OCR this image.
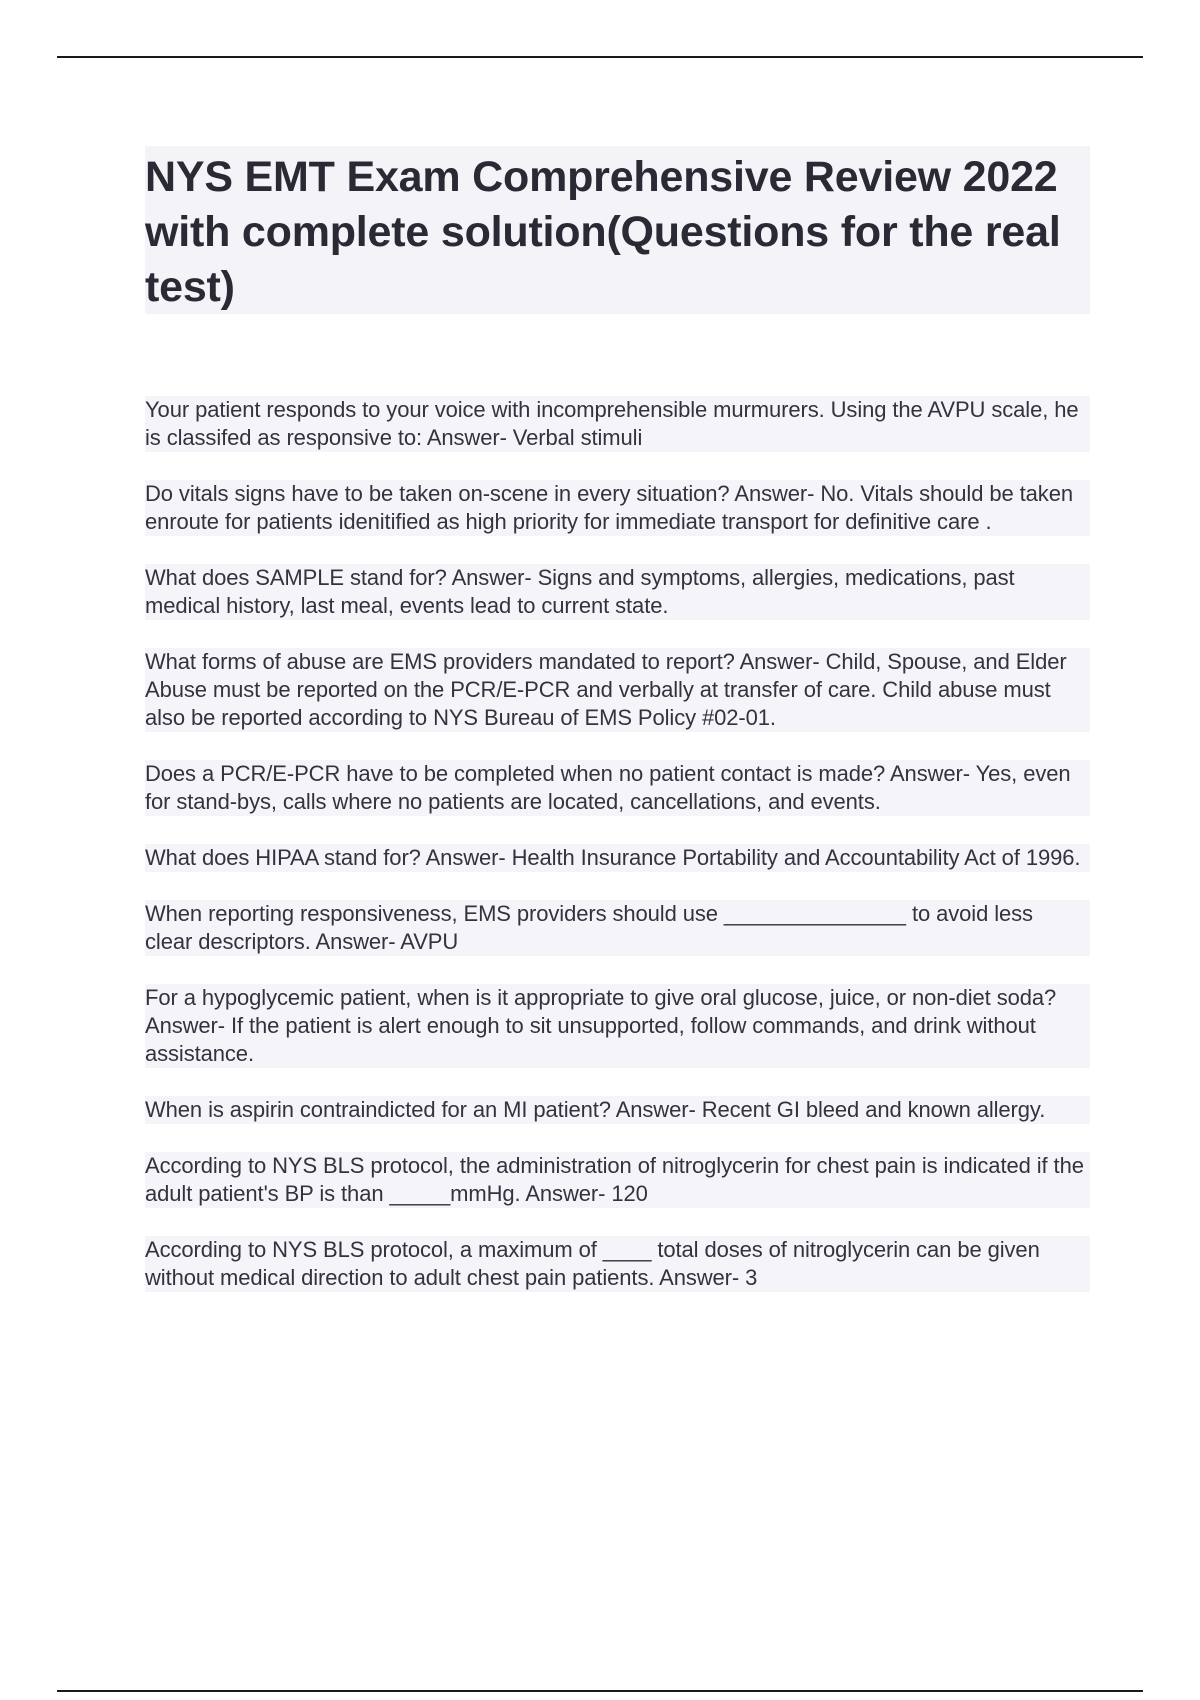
NYS EMT Exam Comprehensive Review 2022 with complete solution(Questions for the real test)

Your patient responds to your voice with incomprehensible murmurers. Using the AVPU scale, he is classifed as responsive to: Answer- Verbal stimuli

Do vitals signs have to be taken on-scene in every situation? Answer- No. Vitals should be taken enroute for patients idenitified as high priority for immediate transport for definitive care .

What does SAMPLE stand for? Answer- Signs and symptoms, allergies, medications, past medical history, last meal, events lead to current state.

What forms of abuse are EMS providers mandated to report? Answer- Child, Spouse, and Elder Abuse must be reported on the PCR/E-PCR and verbally at transfer of care. Child abuse must also be reported according to NYS Bureau of EMS Policy #02-01.

Does a PCR/E-PCR have to be completed when no patient contact is made? Answer- Yes, even for stand-bys, calls where no patients are located, cancellations, and events.

What does HIPAA stand for? Answer- Health Insurance Portability and Accountability Act of 1996.

When reporting responsiveness, EMS providers should use _______________ to avoid less clear descriptors. Answer- AVPU

For a hypoglycemic patient, when is it appropriate to give oral glucose, juice, or non-diet soda? Answer- If the patient is alert enough to sit unsupported, follow commands, and drink without assistance.

When is aspirin contraindicted for an MI patient? Answer- Recent GI bleed and known allergy.

According to NYS BLS protocol, the administration of nitroglycerin for chest pain is indicated if the adult patient's BP is than _____mmHg. Answer- 120

According to NYS BLS protocol, a maximum of ____ total doses of nitroglycerin can be given without medical direction to adult chest pain patients. Answer- 3
